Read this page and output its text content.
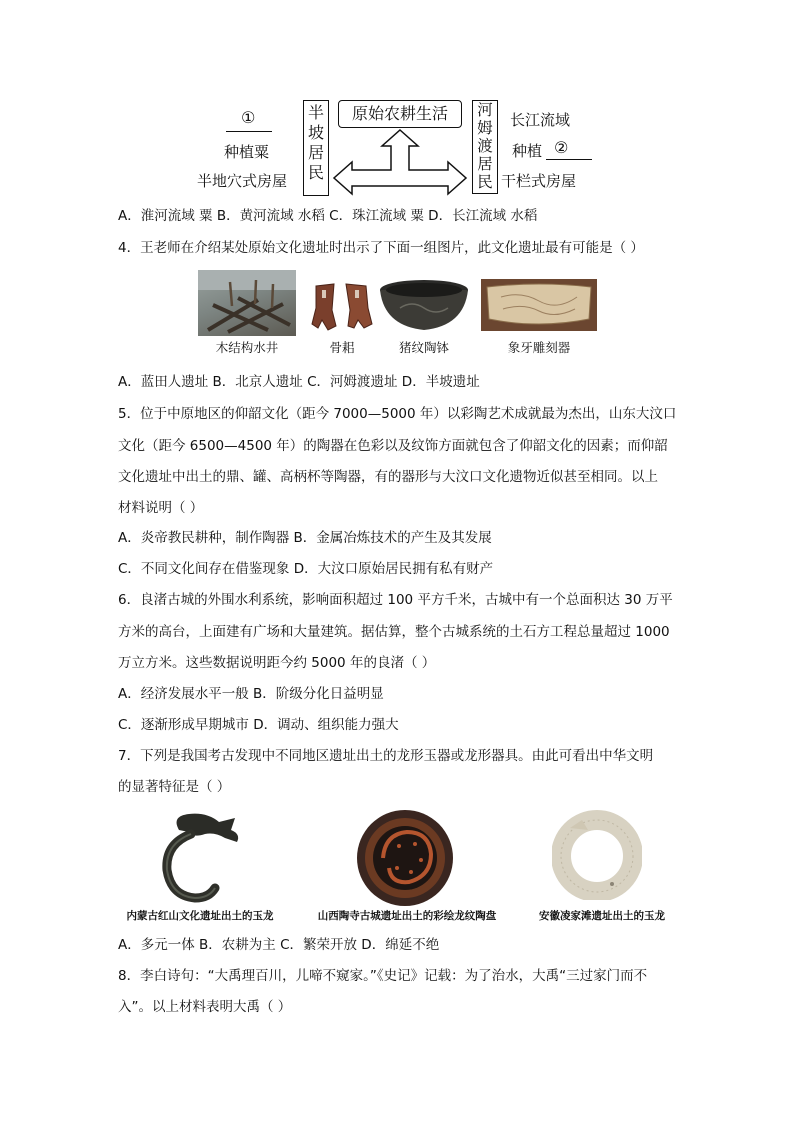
①
种植粟
半地穴式房屋
半
坡
居
民
原始农耕生活	河
姆
渡
居
民
长江流域
种植 ②
干栏式房屋
A．淮河流域 粟 B．黄河流域 水稻 C．珠江流域 粟 D．长江流域 水稻
4．王老师在介绍某处原始文化遗址时出示了下面一组图片，此文化遗址最有可能是（ ）
木结构水井	骨耜	猪纹陶钵	象牙雕刻器
A．蓝田人遗址 B．北京人遗址 C．河姆渡遗址 D．半坡遗址
5．位于中原地区的仰韶文化（距今 7000—5000 年）以彩陶艺术成就最为杰出，山东大汶口
文化（距今 6500—4500 年）的陶器在色彩以及纹饰方面就包含了仰韶文化的因素；而仰韶
文化遗址中出土的鼎、罐、高柄杯等陶器，有的器形与大汶口文化遗物近似甚至相同。以上
材料说明（ ）
A．炎帝教民耕种，制作陶器 B．金属冶炼技术的产生及其发展
C．不同文化间存在借鉴现象 D．大汶口原始居民拥有私有财产
6．良渚古城的外围水利系统，影响面积超过 100 平方千米，古城中有一个总面积达 30 万平
方米的高台，上面建有广场和大量建筑。据估算，整个古城系统的土石方工程总量超过 1000
万立方米。这些数据说明距今约 5000 年的良渚（ ）
A．经济发展水平一般 B．阶级分化日益明显
C．逐渐形成早期城市 D．调动、组织能力强大
7．下列是我国考古发现中不同地区遗址出土的龙形玉器或龙形器具。由此可看出中华文明
的显著特征是（ ）
内蒙古红山文化遗址出土的玉龙	山西陶寺古城遗址出土的彩绘龙纹陶盘	安徽凌家滩遗址出土的玉龙
A．多元一体 B．农耕为主 C．繁荣开放 D．绵延不绝
8．李白诗句：“大禹理百川，儿啼不窥家。”《史记》记载：为了治水，大禹“三过家门而不
入”。以上材料表明大禹（ ）
